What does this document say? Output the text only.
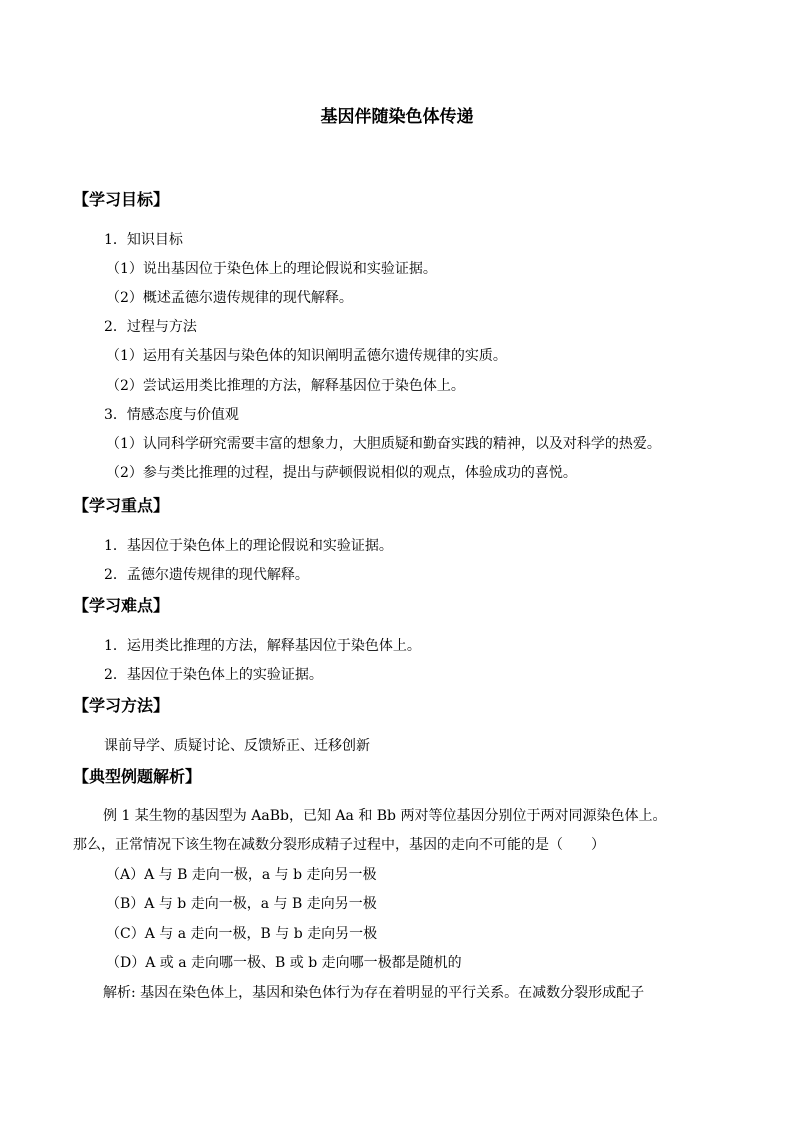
基因伴随染色体传递
【学习目标】
1．知识目标
（1）说出基因位于染色体上的理论假说和实验证据。
（2）概述孟德尔遗传规律的现代解释。
2．过程与方法
（1）运用有关基因与染色体的知识阐明孟德尔遗传规律的实质。
（2）尝试运用类比推理的方法，解释基因位于染色体上。
3．情感态度与价值观
（1）认同科学研究需要丰富的想象力，大胆质疑和勤奋实践的精神，以及对科学的热爱。
（2）参与类比推理的过程，提出与萨顿假说相似的观点，体验成功的喜悦。
【学习重点】
1．基因位于染色体上的理论假说和实验证据。
2．孟德尔遗传规律的现代解释。
【学习难点】
1．运用类比推理的方法，解释基因位于染色体上。
2．基因位于染色体上的实验证据。
【学习方法】
课前导学、质疑讨论、反馈矫正、迁移创新
【典型例题解析】
例 1 某生物的基因型为 AaBb，已知 Aa 和 Bb 两对等位基因分别位于两对同源染色体上。
那么，正常情况下该生物在减数分裂形成精子过程中，基因的走向不可能的是（　　）
（A）A 与 B 走向一极，a 与 b 走向另一极
（B）A 与 b 走向一极，a 与 B 走向另一极
（C）A 与 a 走向一极，B 与 b 走向另一极
（D）A 或 a 走向哪一极、B 或 b 走向哪一极都是随机的
解析: 基因在染色体上，基因和染色体行为存在着明显的平行关系。在减数分裂形成配子
